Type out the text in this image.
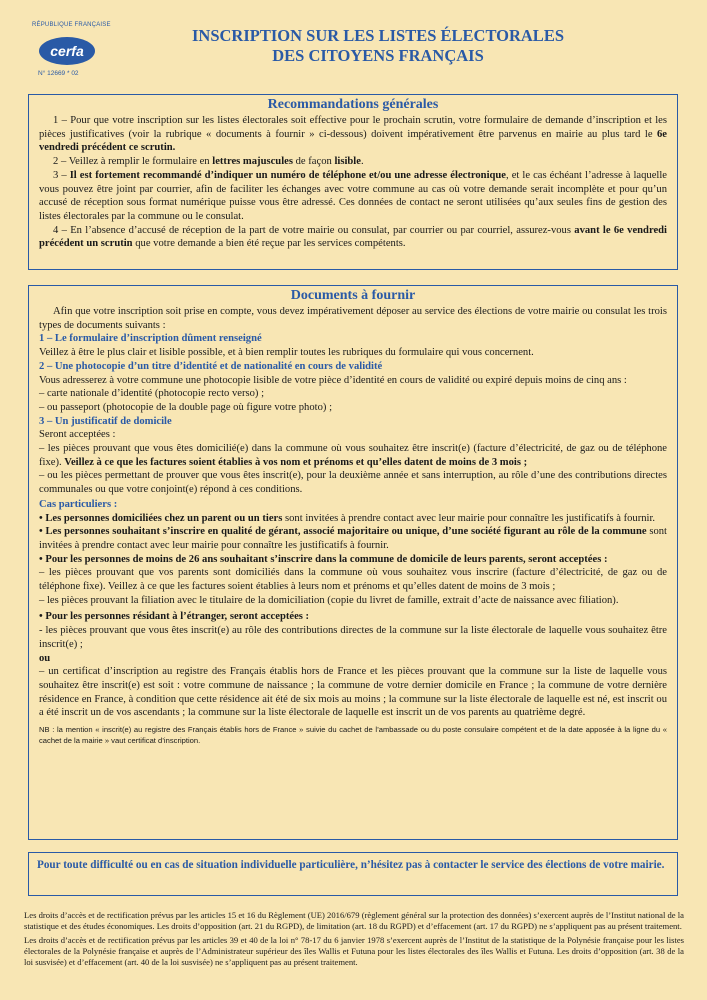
RÉPUBLIQUE FRANÇAISE
cerfa
N° 12669 * 02
INSCRIPTION SUR LES LISTES ÉLECTORALES
DES CITOYENS FRANÇAIS
Recommandations générales

1 – Pour que votre inscription sur les listes électorales soit effective pour le prochain scrutin, votre formulaire de demande d’inscription et les pièces justificatives (voir la rubrique « documents à fournir » ci-dessous) doivent impérativement être parvenus en mairie au plus tard le 6e vendredi précédent ce scrutin.

2 – Veillez à remplir le formulaire en lettres majuscules de façon lisible.

3 – Il est fortement recommandé d’indiquer un numéro de téléphone et/ou une adresse électronique, et le cas échéant l’adresse à laquelle vous pouvez être joint par courrier, afin de faciliter les échanges avec votre commune au cas où votre demande serait incomplète et pour qu’un accusé de réception sous format numérique puisse vous être adressé. Ces données de contact ne seront utilisées qu’aux seules fins de gestion des listes électorales par la commune ou le consulat.

4 – En l’absence d’accusé de réception de la part de votre mairie ou consulat, par courrier ou par courriel, assurez-vous avant le 6e vendredi précédent un scrutin que votre demande a bien été reçue par les services compétents.

Documents à fournir

Afin que votre inscription soit prise en compte, vous devez impérativement déposer au service des élections de votre mairie ou consulat les trois types de documents suivants :

1 – Le formulaire d’inscription dûment renseigné

Veillez à être le plus clair et lisible possible, et à bien remplir toutes les rubriques du formulaire qui vous concernent.

2 – Une photocopie d’un titre d’identité et de nationalité en cours de validité

Vous adresserez à votre commune une photocopie lisible de votre pièce d’identité en cours de validité ou expiré depuis moins de cinq ans :

– carte nationale d’identité (photocopie recto verso) ;

– ou passeport (photocopie de la double page où figure votre photo) ;

3 – Un justificatif de domicile

Seront acceptées :

– les pièces prouvant que vous êtes domicilié(e) dans la commune où vous souhaitez être inscrit(e) (facture d’électricité, de gaz ou de téléphone fixe). Veillez à ce que les factures soient établies à vos nom et prénoms et qu’elles datent de moins de 3 mois ;

– ou les pièces permettant de prouver que vous êtes inscrit(e), pour la deuxième année et sans interruption, au rôle d’une des contributions directes communales ou que votre conjoint(e) répond à ces conditions.

Cas particuliers :

• Les personnes domiciliées chez un parent ou un tiers sont invitées à prendre contact avec leur mairie pour connaître les justificatifs à fournir.

• Les personnes souhaitant s’inscrire en qualité de gérant, associé majoritaire ou unique, d’une société figurant au rôle de la commune sont invitées à prendre contact avec leur mairie pour connaître les justificatifs à fournir.

• Pour les personnes de moins de 26 ans souhaitant s’inscrire dans la commune de domicile de leurs parents, seront acceptées :

– les pièces prouvant que vos parents sont domiciliés dans la commune où vous souhaitez vous inscrire (facture d’électricité, de gaz ou de téléphone fixe). Veillez à ce que les factures soient établies à leurs nom et prénoms et qu’elles datent de moins de 3 mois ;

– les pièces prouvant la filiation avec le titulaire de la domiciliation (copie du livret de famille, extrait d’acte de naissance avec filiation).

• Pour les personnes résidant à l’étranger, seront acceptées :

- les pièces prouvant que vous êtes inscrit(e) au rôle des contributions directes de la commune sur la liste électorale de laquelle vous souhaitez être inscrit(e) ;

ou

– un certificat d’inscription au registre des Français établis hors de France et les pièces prouvant que la commune sur la liste de laquelle vous souhaitez être inscrit(e) est soit : votre commune de naissance ; la commune de votre dernier domicile en France ; la commune de votre dernière résidence en France, à condition que cette résidence ait été de six mois au moins ; la commune sur la liste électorale de laquelle est né, est inscrit ou a été inscrit un de vos ascendants ; la commune sur la liste électorale de laquelle est inscrit un de vos parents au quatrième degré.

NB : la mention « inscrit(e) au registre des Français établis hors de France » suivie du cachet de l’ambassade ou du poste consulaire compétent et de la date apposée à la ligne du « cachet de la mairie » vaut certificat d’inscription.

Pour toute difficulté ou en cas de situation individuelle particulière, n’hésitez pas à contacter le service des élections de votre mairie.

Les droits d’accès et de rectification prévus par les articles 15 et 16 du Règlement (UE) 2016/679 (règlement général sur la protection des données) s’exercent auprès de l’Institut national de la statistique et des études économiques. Les droits d’opposition (art. 21 du RGPD), de limitation (art. 18 du RGPD) et d’effacement (art. 17 du RGPD) ne s’appliquent pas au présent traitement.

Les droits d’accès et de rectification prévus par les articles 39 et 40 de la loi n° 78-17 du 6 janvier 1978 s’exercent auprès de l’Institut de la statistique de la Polynésie française pour les listes électorales de la Polynésie française et auprès de l’Administrateur supérieur des îles Wallis et Futuna pour les listes électorales des îles Wallis et Futuna. Les droits d’opposition (art. 38 de la loi susvisée) et d’effacement (art. 40 de la loi susvisée) ne s’appliquent pas au présent traitement.
